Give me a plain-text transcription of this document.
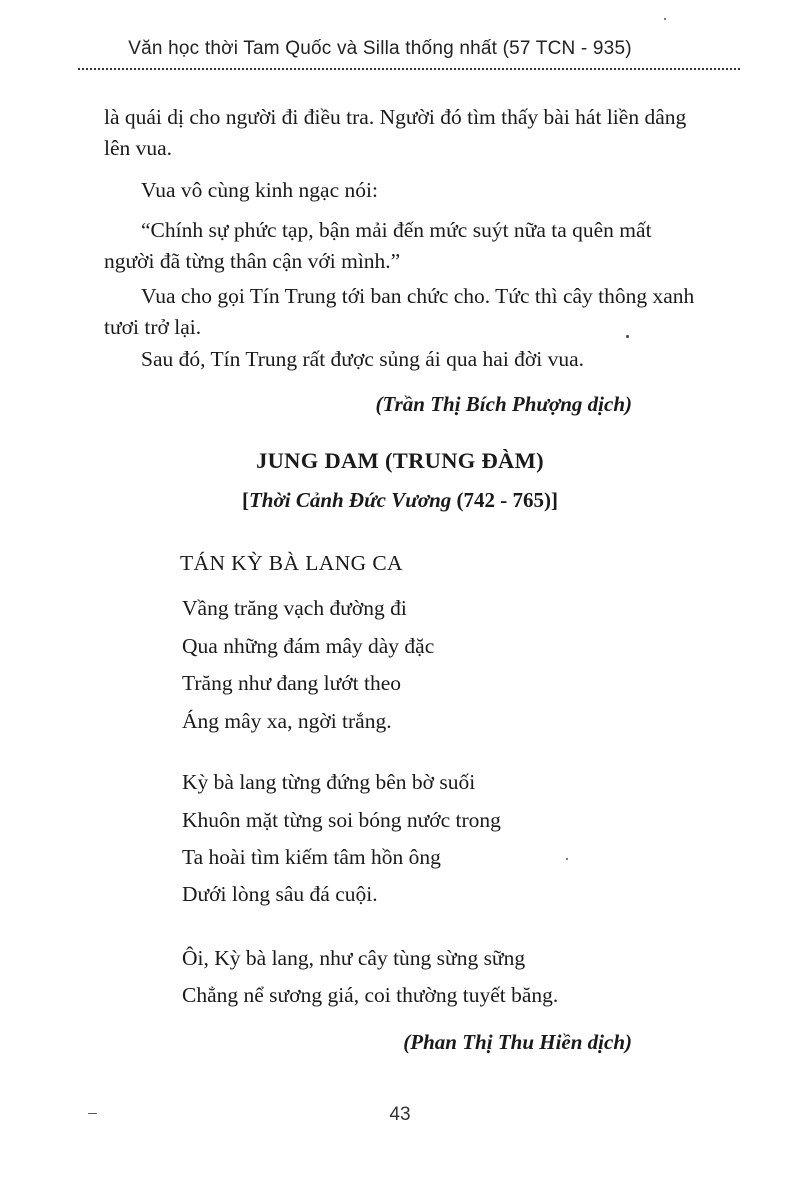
Văn học thời Tam Quốc và Silla thống nhất (57 TCN - 935)

là quái dị cho người đi điều tra. Người đó tìm thấy bài hát liền dâng lên vua.

Vua vô cùng kinh ngạc nói:

“Chính sự phức tạp, bận mải đến mức suýt nữa ta quên mất người đã từng thân cận với mình.”

Vua cho gọi Tín Trung tới ban chức cho. Tức thì cây thông xanh tươi trở lại.

Sau đó, Tín Trung rất được sủng ái qua hai đời vua.

(Trần Thị Bích Phượng dịch)
JUNG DAM (TRUNG ĐÀM)
[Thời Cảnh Đức Vương (742 - 765)]
TÁN KỲ BÀ LANG CA
Vầng trăng vạch đường đi
Qua những đám mây dày đặc
Trăng như đang lướt theo
Áng mây xa, ngời trắng.
Kỳ bà lang từng đứng bên bờ suối
Khuôn mặt từng soi bóng nước trong
Ta hoài tìm kiếm tâm hồn ông
Dưới lòng sâu đá cuội.
Ôi, Kỳ bà lang, như cây tùng sừng sững
Chẳng nể sương giá, coi thường tuyết băng.
(Phan Thị Thu Hiền dịch)
43
